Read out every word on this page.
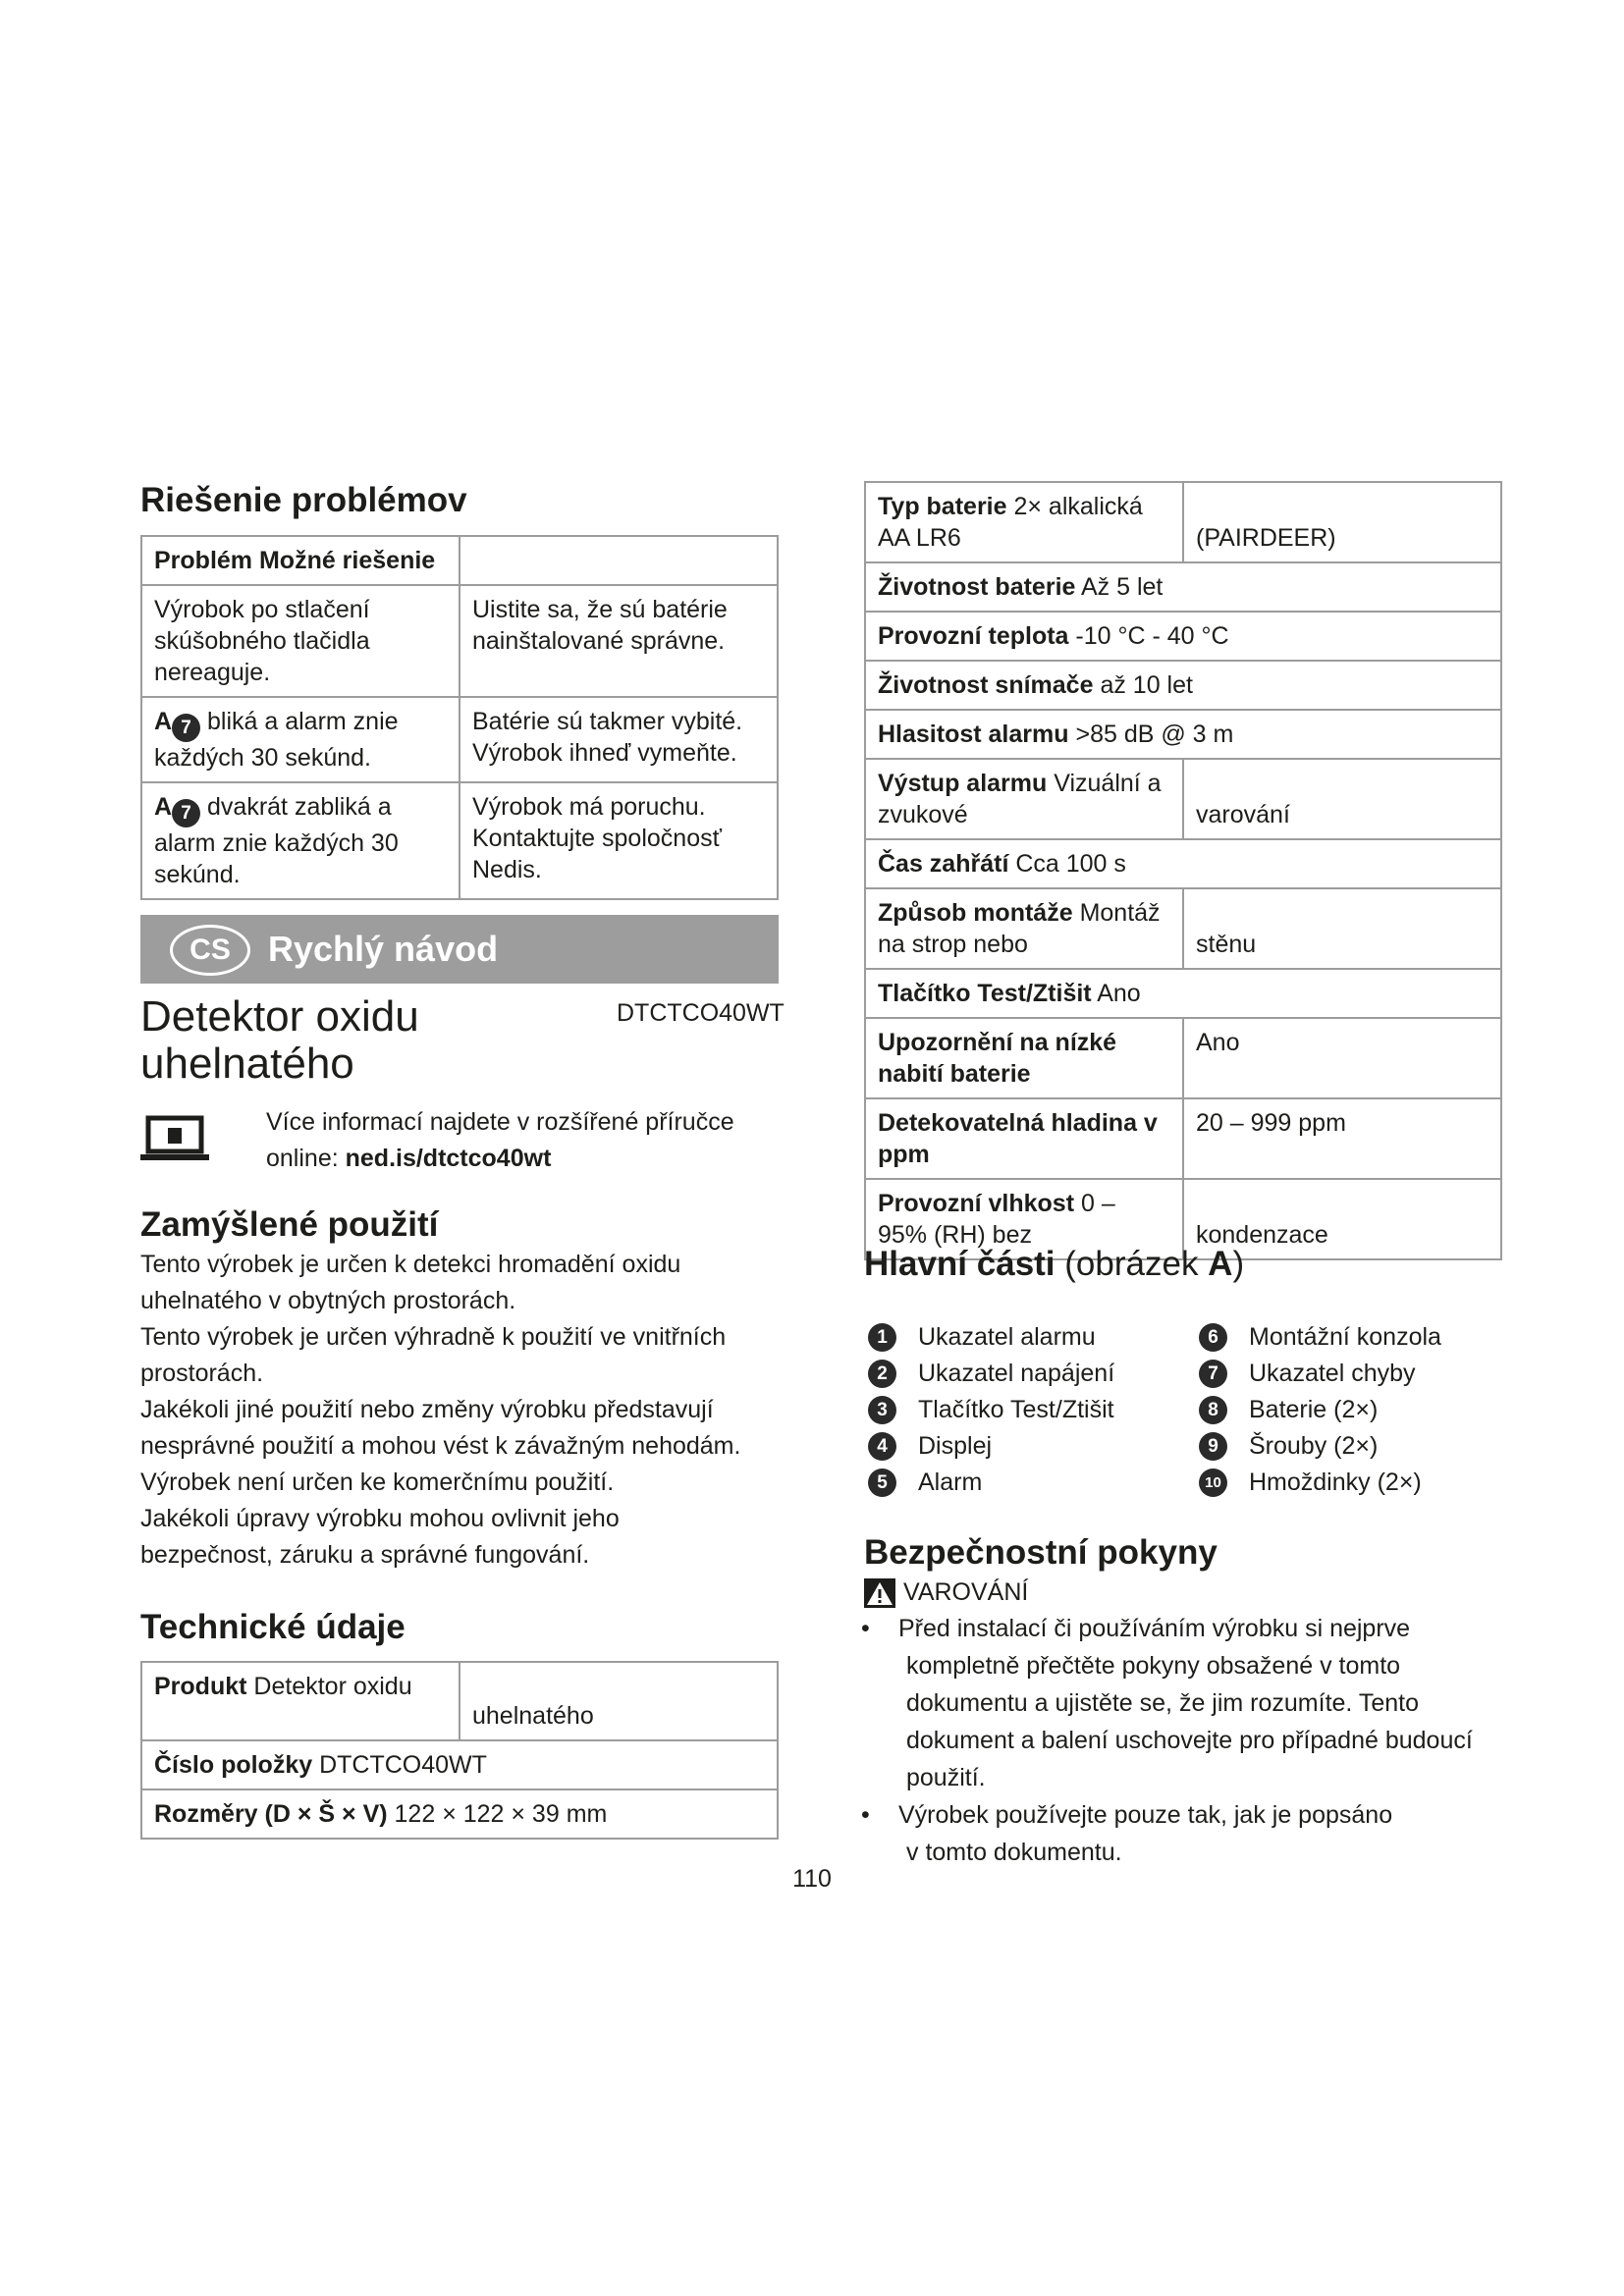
Riešenie problémov
Problém Možné riešenie	
Výrobok po stlačení skúšobného tlačidla nereaguje.	Uistite sa, že sú batérie nainštalované správne.
A 7 bliká a alarm znie každých 30 sekúnd.	Batérie sú takmer vybité. Výrobok ihneď vymeňte.
A 7 dvakrát zabliká a alarm znie každých 30 sekúnd.	Výrobok má poruchu. Kontaktujte spoločnosť Nedis.
CS	Rychlý návod
Detektor oxidu
uhelnatého
DTCTCO40WT
Více informací najdete v rozšířené příručce
online: ned.is/dtctco40wt
Zamýšlené použití
Tento výrobek je určen k detekci hromadění oxidu
uhelnatého v obytných prostorách.
Tento výrobek je určen výhradně k použití ve vnitřních
prostorách.
Jakékoli jiné použití nebo změny výrobku představují
nesprávné použití a mohou vést k závažným nehodám.
Výrobek není určen ke komerčnímu použití.
Jakékoli úpravy výrobku mohou ovlivnit jeho
bezpečnost, záruku a správné fungování.
Technické údaje
Produkt Detektor oxidu	uhelnatého
Číslo položky DTCTCO40WT
Rozměry (D × Š × V) 122 × 122 × 39 mm
Typ baterie 2× alkalická AA LR6	(PAIRDEER)
Životnost baterie Až 5 let	
Provozní teplota -10 °C - 40 °C	
Životnost snímače až 10 let	
Hlasitost alarmu >85 dB @ 3 m	
Výstup alarmu Vizuální a zvukové	varování
Čas zahřátí Cca 100 s	
Způsob montáže Montáž na strop nebo	stěnu
Tlačítko Test/Ztišit Ano	
Upozornění na nízké nabití baterie	Ano
Detekovatelná hladina v ppm	20 – 999 ppm
Provozní vlhkost 0 – 95% (RH) bez	kondenzace
Hlavní části (obrázek A)
1	Ukazatel alarmu
2	Ukazatel napájení
3	Tlačítko Test/Ztišit
4	Displej
5	Alarm
6	Montážní konzola
7	Ukazatel chyby
8	Baterie (2×)
9	Šrouby (2×)
10 Hmoždinky (2×)
Bezpečnostní pokyny
VAROVÁNÍ
• Před instalací či používáním výrobku si nejprve
kompletně přečtěte pokyny obsažené v tomto
dokumentu a ujistěte se, že jim rozumíte. Tento
dokument a balení uschovejte pro případné budoucí
použití.
• Výrobek používejte pouze tak, jak je popsáno
v tomto dokumentu.
110
